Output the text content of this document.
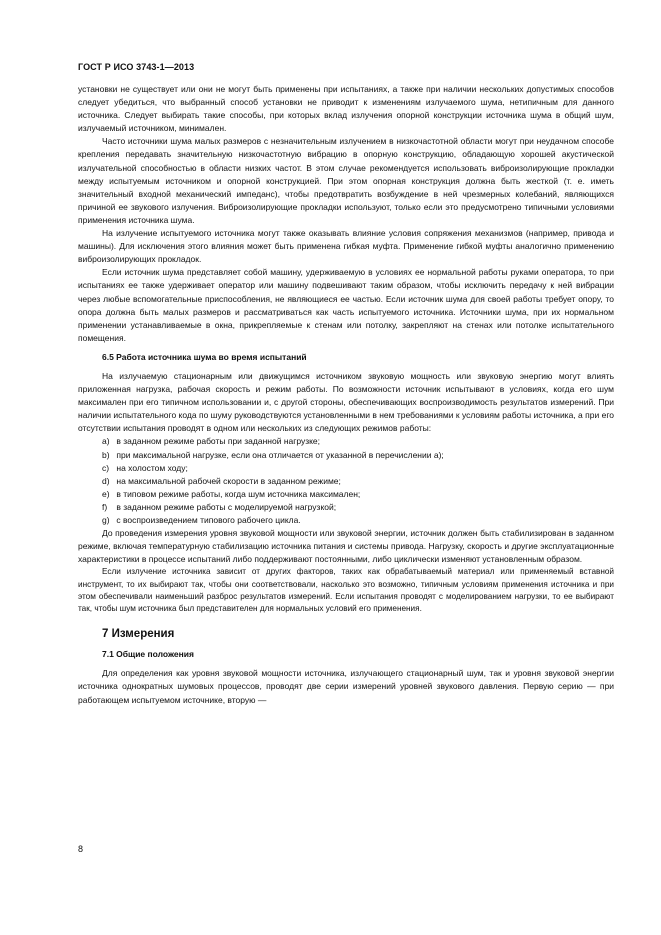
ГОСТ Р ИСО 3743-1—2013

установки не существует или они не могут быть применены при испытаниях, а также при наличии нескольких допустимых способов следует убедиться, что выбранный способ установки не приводит к изменениям излучаемого шума, нетипичным для данного источника. Следует выбирать такие способы, при которых вклад излучения опорной конструкции источника шума в общий шум, излучаемый источником, минимален.

Часто источники шума малых размеров с незначительным излучением в низкочастотной области могут при неудачном способе крепления передавать значительную низкочастотную вибрацию в опорную конструкцию, обладающую хорошей акустической излучательной способностью в области низких частот. В этом случае рекомендуется использовать виброизолирующие прокладки между испытуемым источником и опорной конструкцией. При этом опорная конструкция должна быть жесткой (т. е. иметь значительный входной механический импеданс), чтобы предотвратить возбуждение в ней чрезмерных колебаний, являющихся причиной ее звукового излучения. Виброизолирующие прокладки используют, только если это предусмотрено типичными условиями применения источника шума.

На излучение испытуемого источника могут также оказывать влияние условия сопряжения механизмов (например, привода и машины). Для исключения этого влияния может быть применена гибкая муфта. Применение гибкой муфты аналогично применению виброизолирующих прокладок.

Если источник шума представляет собой машину, удерживаемую в условиях ее нормальной работы руками оператора, то при испытаниях ее также удерживает оператор или машину подвешивают таким образом, чтобы исключить передачу к ней вибрации через любые вспомогательные приспособления, не являющиеся ее частью. Если источник шума для своей работы требует опору, то опора должна быть малых размеров и рассматриваться как часть испытуемого источника. Источники шума, при их нормальном применении устанавливаемые в окна, прикрепляемые к стенам или потолку, закрепляют на стенах или потолке испытательного помещения.

6.5 Работа источника шума во время испытаний

На излучаемую стационарным или движущимся источником звуковую мощность или звуковую энергию могут влиять приложенная нагрузка, рабочая скорость и режим работы. По возможности источник испытывают в условиях, когда его шум максимален при его типичном использовании и, с другой стороны, обеспечивающих воспроизводимость результатов измерений. При наличии испытательного кода по шуму руководствуются установленными в нем требованиями к условиям работы источника, а при его отсутствии испытания проводят в одном или нескольких из следующих режимов работы:

a) в заданном режиме работы при заданной нагрузке;
b) при максимальной нагрузке, если она отличается от указанной в перечислении а);
c) на холостом ходу;
d) на максимальной рабочей скорости в заданном режиме;
e) в типовом режиме работы, когда шум источника максимален;
f) в заданном режиме работы с моделируемой нагрузкой;
g) с воспроизведением типового рабочего цикла.

До проведения измерения уровня звуковой мощности или звуковой энергии, источник должен быть стабилизирован в заданном режиме, включая температурную стабилизацию источника питания и системы привода. Нагрузку, скорость и другие эксплуатационные характеристики в процессе испытаний либо поддерживают постоянными, либо циклически изменяют установленным образом.

Если излучение источника зависит от других факторов, таких как обрабатываемый материал или применяемый вставной инструмент, то их выбирают так, чтобы они соответствовали, насколько это возможно, типичным условиям применения источника и при этом обеспечивали наименьший разброс результатов измерений. Если испытания проводят с моделированием нагрузки, то ее выбирают так, чтобы шум источника был представителен для нормальных условий его применения.

7 Измерения

7.1 Общие положения

Для определения как уровня звуковой мощности источника, излучающего стационарный шум, так и уровня звуковой энергии источника однократных шумовых процессов, проводят две серии измерений уровней звукового давления. Первую серию — при работающем испытуемом источнике, вторую —

8
